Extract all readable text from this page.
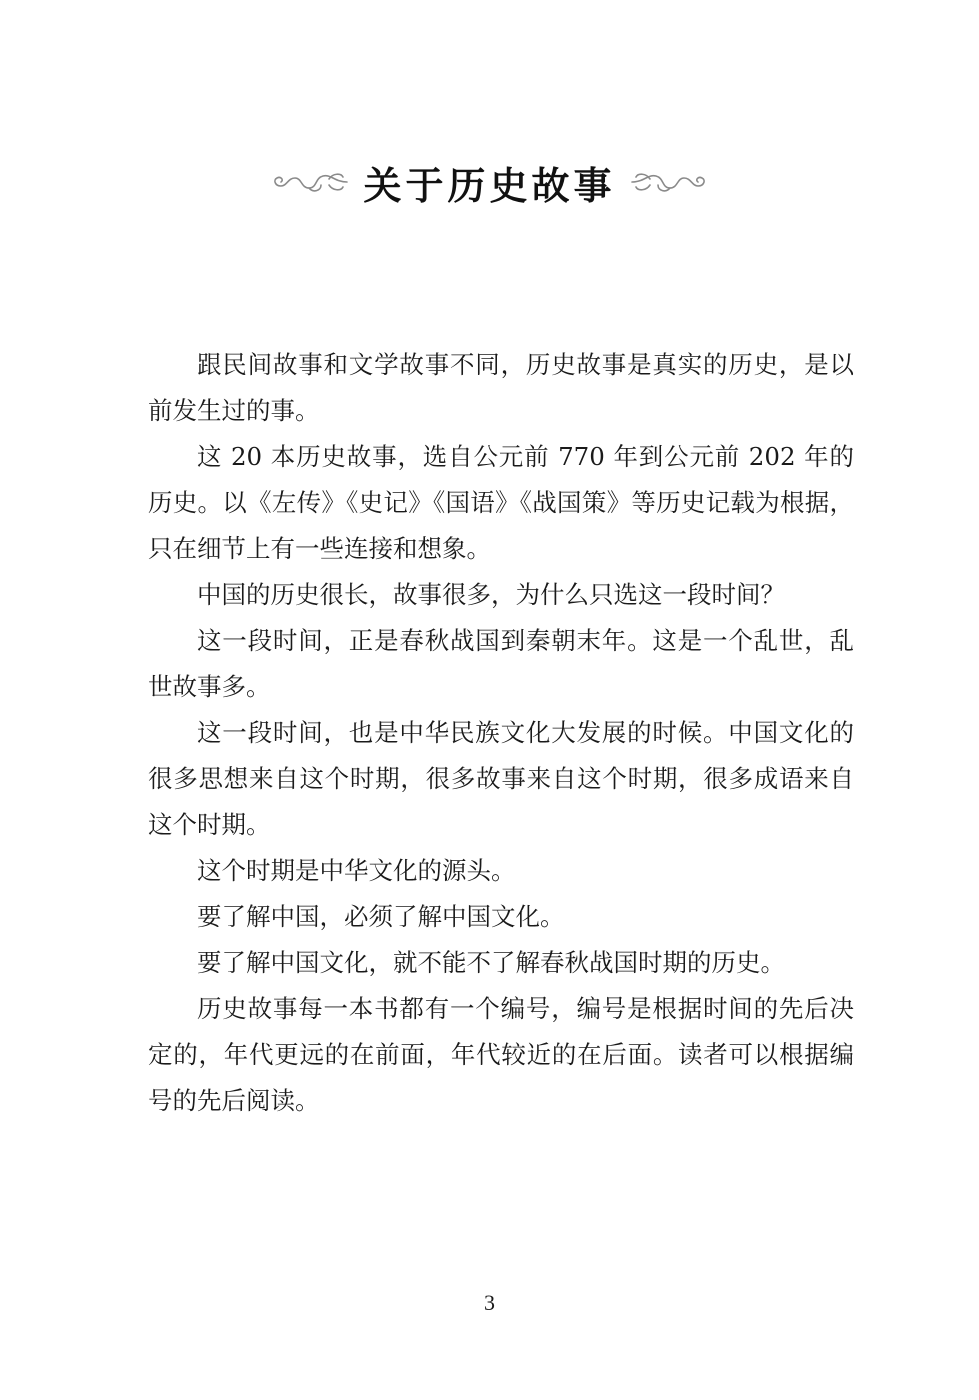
关于历史故事

跟民间故事和文学故事不同，历史故事是真实的历史，是以前发生过的事。

这 20 本历史故事，选自公元前 770 年到公元前 202 年的历史。以《左传》《史记》《国语》《战国策》等历史记载为根据，只在细节上有一些连接和想象。

中国的历史很长，故事很多，为什么只选这一段时间？

这一段时间，正是春秋战国到秦朝末年。这是一个乱世，乱世故事多。

这一段时间，也是中华民族文化大发展的时候。中国文化的很多思想来自这个时期，很多故事来自这个时期，很多成语来自这个时期。

这个时期是中华文化的源头。

要了解中国，必须了解中国文化。

要了解中国文化，就不能不了解春秋战国时期的历史。

历史故事每一本书都有一个编号，编号是根据时间的先后决定的，年代更远的在前面，年代较近的在后面。读者可以根据编号的先后阅读。

3
